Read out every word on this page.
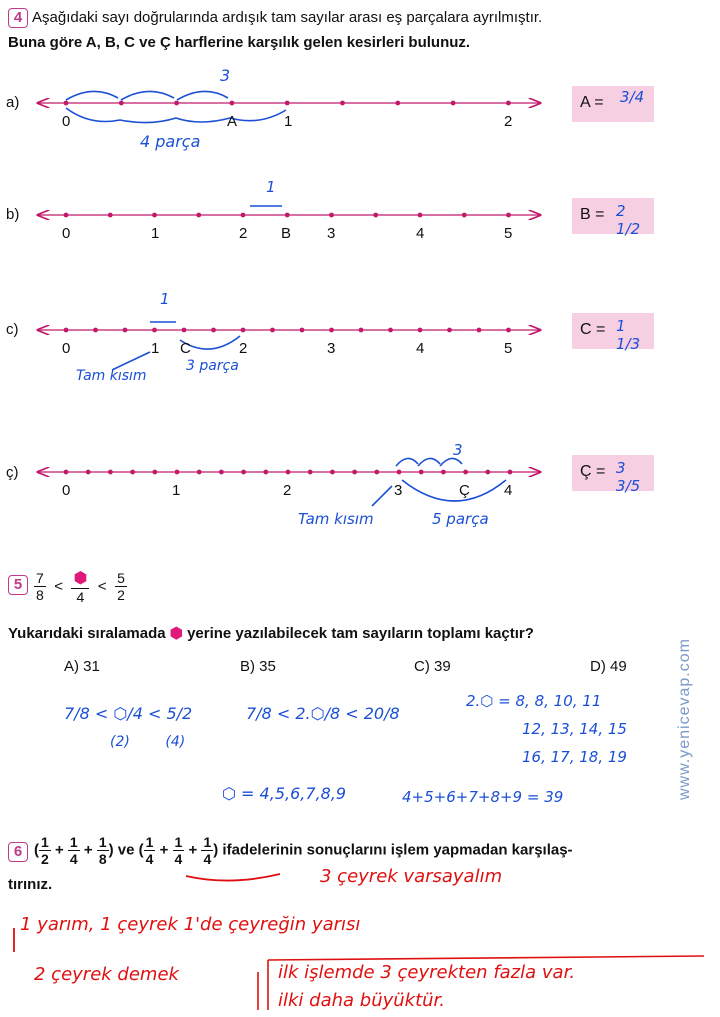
4 Aşağıdaki sayı doğrularında ardışık tam sayılar arası eş parçalara ayrılmıştır.
Buna göre A, B, C ve Ç harflerine karşılık gelen kesirleri bulunuz.
a)
b)
c)
ç)
0	A	1	2
0	1	2 B 3	4	5
0	1 C	2	3	4	5
0	1	2	3	Ç 4
A = 3/4
B = 2 1/2
C = 1 1/3
Ç = 3 3/5
3
4 parça
1
1
Tam kısım
3 parça
3
Tam kısım	5 parça
$5 \frac{7}{8} < \frac{⬢}{4} < \frac{5}{2}$
Yukarıdaki sıralamada ⬢ yerine yazılabilecek tam sayıların toplamı kaçtır?
A) 31	B) 35	C) 39	D) 49
7/8 < ⬡/4 < 5/2
(2)        (4)
7/8 < 2.⬡/8 < 20/8
2.⬡ = 8, 8, 10, 11
12, 13, 14, 15
16, 17, 18, 19
⬡ = 4,5,6,7,8,9	4+5+6+7+8+9 = 39	www.yenicevap.com
6 ( $\frac{1}{2} + \frac{1}{4} + \frac{1}{8}$ ) ve ( $\frac{1}{4} + \frac{1}{4} + \frac{1}{4}$ ) ifadelerinin sonuçlarını işlem yapmadan karşılaş-
tırınız.	3 çeyrek varsayalım
1 yarım, 1 çeyrek 1'de çeyreğin yarısı
2 çeyrek demek	ilk işlemde 3 çeyrekten fazla var.
ilki daha büyüktür.
